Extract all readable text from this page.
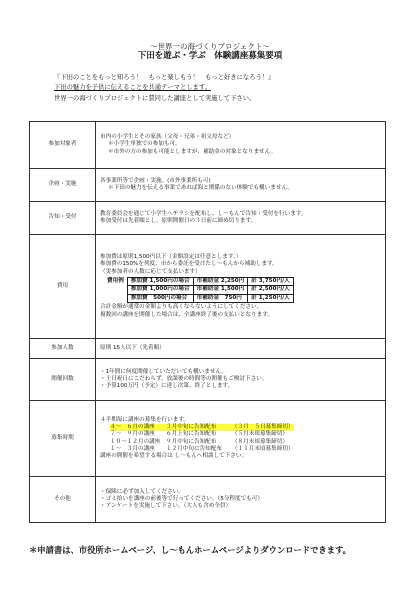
～世界一の海づくりプロジェクト～
下田を遊ぶ・学ぶ　体験講座募集要項
『下田のことをもっと知ろう！　もっと楽しもう！　もっと好きになろう！』
下田の魅力を子供に伝えることを共通テーマとします。
世界一の海づくりプロジェクトに賛同した講座として実施して下さい。
参加対象者	
市内の小学生とその家族（父母・兄弟・祖父母など）
＊小学生単独での参加も可。
＊市外の方の参加も可能としますが、補助金の対象となりません。

企画・実施	
各事業所等で企画・実施。(市外事業所も可)
＊下田の魅力を伝える事業であれば海と関係のない体験でも構いません。

告知・受付	
教育委員会を通じて小学生へチラシを配布し、し～もんで告知・受付を行います。
参加受付は先着順とし、原則開催日の３日前に締め切ります。

費用	
参加費は原則1,500円以下（金額設定は任意とします。）
参加費の150%を列度、市から委託を受けたし～もんから補助します。
（実参加者の人数に応じて支払います）
費用例	参加費 1,500円の場合	市補助金 2,250円	計 3,750円/人
	参加費 1,000円の場合	市補助金 1,500円	計 2,500円/人
	参加費　500円の場合	市補助金　750円	計 1,250円/人
合計金額が通常の金額よりも高くならないようにしてください。
複数回の講座を開催した場合は、全講座終了後の支払いとなります。

参加人数	原則 15人以下（先着順）

開催回数	
・1年間に何度開催していただいても構いません。
・土日祝日にこだわらず、放課後の時間等の開催もご検討下さい。
・予算100万円（予定）に達し次第、終了とします。

募集時期	
４半期毎に講座の募集を行います。
４～　６月の講座 ３月中旬に告知配布	（３月　５日募集締切）
７～　９月の講座 ６月上旬に告知配布	（５月末頃募集締切）
１０～１２月の講座 ９月中旬に告知配布	（８月末頃募集締切）
１～　３月の講座 １２月中旬に告知配布 （１１月末頃募集締切）
講座の開催を希望する場合は し～もんへ相談して下さい。

その他	
・保険に必ず加入してください。
・ゴミ拾いを講座の前後等で行ってください。（5分程度でも可）
・アンケートを実施して下さい。（大人も含め全員）
＊申請書は、市役所ホームページ、し～もんホームページよりダウンロードできます。
